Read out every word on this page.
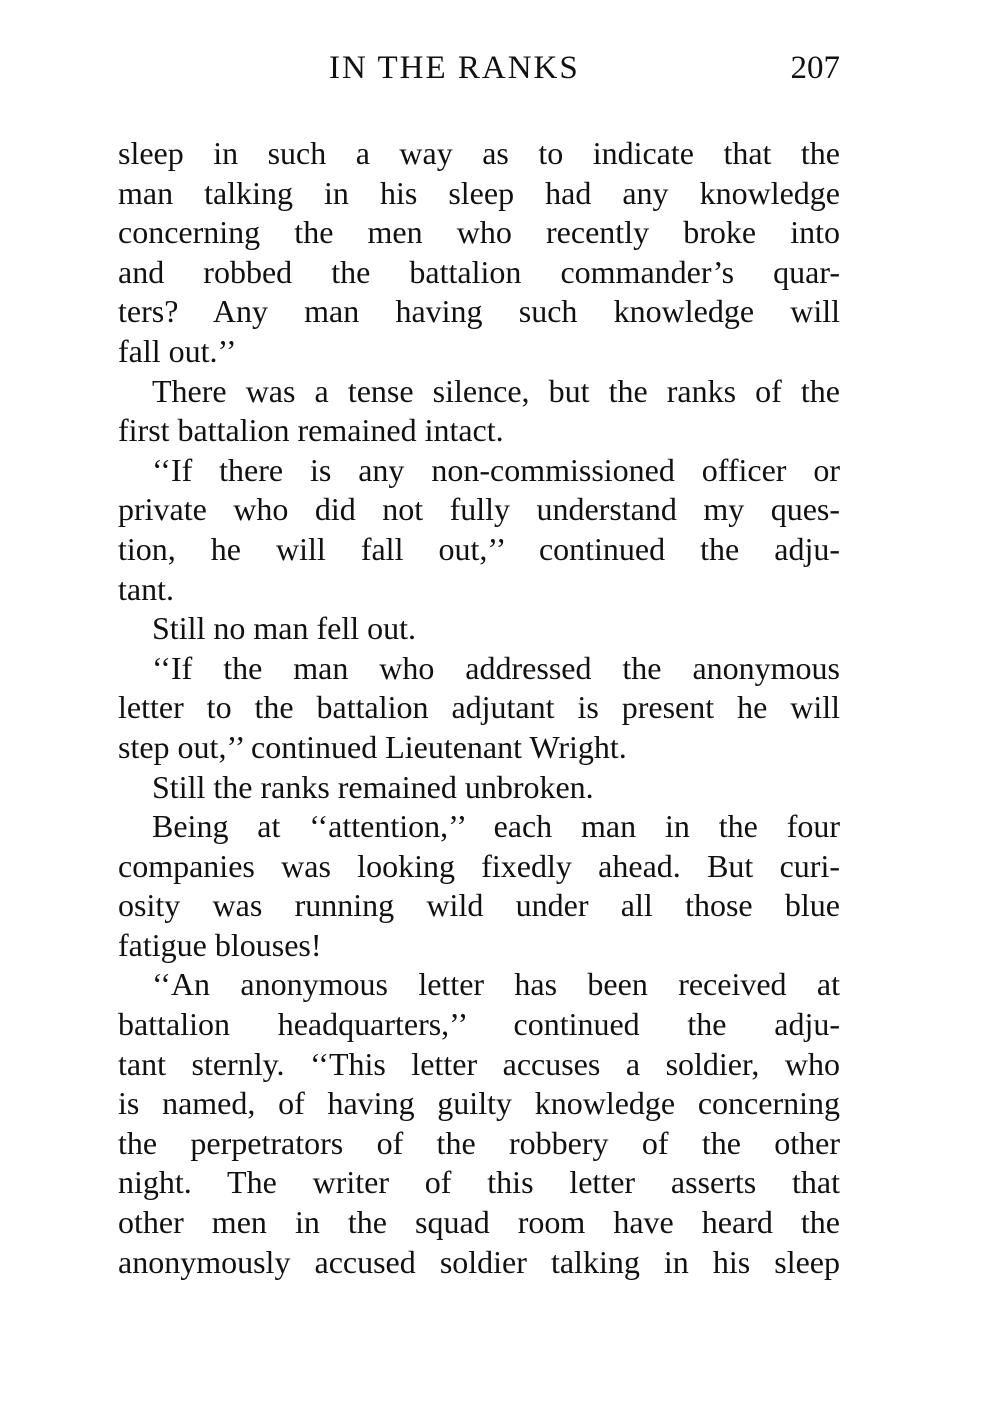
IN THE RANKS	207
sleep in such a way as to indicate that the
man talking in his sleep had any knowledge
concerning the men who recently broke into
and robbed the battalion commander’s quar-
ters? Any man having such knowledge will
fall out.’’
There was a tense silence, but the ranks of the
first battalion remained intact.
‘‘If there is any non-commissioned officer or
private who did not fully understand my ques-
tion, he will fall out,’’ continued the adju-
tant.
Still no man fell out.
‘‘If the man who addressed the anonymous
letter to the battalion adjutant is present he will
step out,’’ continued Lieutenant Wright.
Still the ranks remained unbroken.
Being at ‘‘attention,’’ each man in the four
companies was looking fixedly ahead. But curi-
osity was running wild under all those blue
fatigue blouses!
‘‘An anonymous letter has been received at
battalion headquarters,’’ continued the adju-
tant sternly. ‘‘This letter accuses a soldier, who
is named, of having guilty knowledge concerning
the perpetrators of the robbery of the other
night. The writer of this letter asserts that
other men in the squad room have heard the
anonymously accused soldier talking in his sleep
